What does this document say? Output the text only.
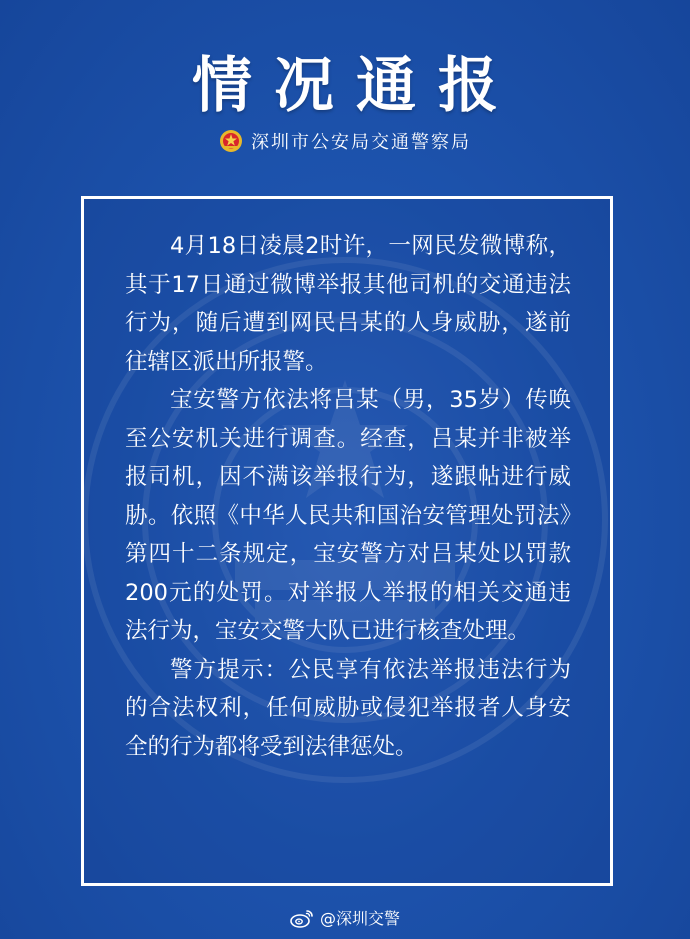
情况通报
深圳市公安局交通警察局

4月18日凌晨2时许，一网民发微博称，其于17日通过微博举报其他司机的交通违法行为，随后遭到网民吕某的人身威胁，遂前往辖区派出所报警。

宝安警方依法将吕某（男，35岁）传唤至公安机关进行调查。经查，吕某并非被举报司机，因不满该举报行为，遂跟帖进行威胁。依照《中华人民共和国治安管理处罚法》第四十二条规定，宝安警方对吕某处以罚款200元的处罚。对举报人举报的相关交通违法行为，宝安交警大队已进行核查处理。

警方提示：公民享有依法举报违法行为的合法权利，任何威胁或侵犯举报者人身安全的行为都将受到法律惩处。

@深圳交警
